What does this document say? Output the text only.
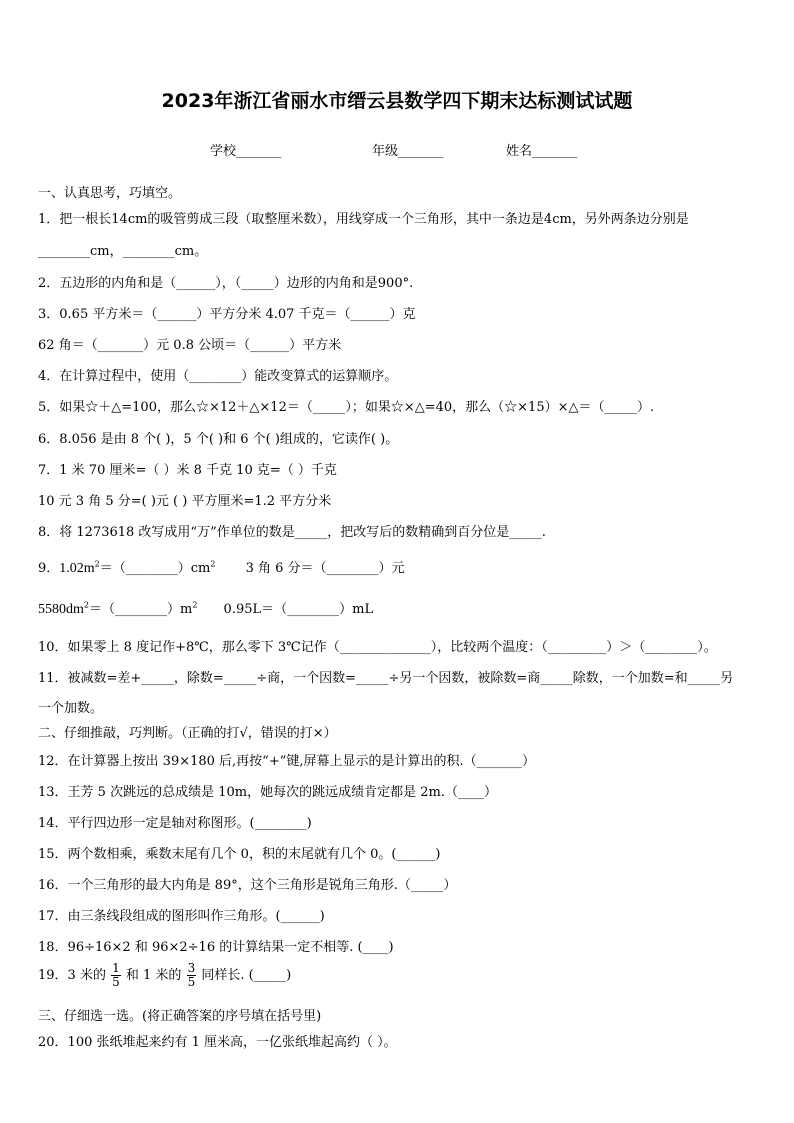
2023年浙江省丽水市缙云县数学四下期末达标测试试题
学校_______	年级_______	姓名_______
一、认真思考，巧填空。
1．把一根长14cm的吸管剪成三段（取整厘米数），用线穿成一个三角形，其中一条边是4cm，另外两条边分别是
________cm，________cm。
2．五边形的内角和是（______），（_____）边形的内角和是900°.
3．0.65 平方米＝（______）平方分米 4.07 千克＝（______）克
62 角＝（_______）元 0.8 公顷＝（______）平方米
4．在计算过程中，使用（________）能改变算式的运算顺序。
5．如果☆＋△=100，那么☆×12＋△×12＝（_____）；如果☆×△=40，那么（☆×15）×△＝（_____）.
6．8.056 是由 8 个( )，5 个( )和 6 个( )组成的，它读作( )。
7．1 米 70 厘米=（ ）米 8 千克 10 克=（ ）千克
10 元 3 角 5 分=( )元 ( ) 平方厘米=1.2 平方分米
8．将 1273618 改写成用“万”作单位的数是_____，把改写后的数精确到百分位是_____.
9．$1.02m^2=(\_\_\_\_\_\_\_\_)cm^2$ 3 角 6 分＝（________）元
$5580dm^2=(\_\_\_\_\_\_\_\_)m^2$ 0.95L＝（________）mL
10．如果零上 8 度记作+8℃，那么零下 3℃记作（______________），比较两个温度：（_________）＞（________）。
11．被减数=差+_____，除数=_____÷商，一个因数=_____÷另一个因数，被除数=商_____除数，一个加数=和_____另
一个加数。
二、仔细推敲，巧判断。（正确的打√，错误的打×）
12．在计算器上按出 39×180 后,再按“+”键,屏幕上显示的是计算出的积.（_______）
13．王芳 5 次跳远的总成绩是 10m，她每次的跳远成绩肯定都是 2m.（____）
14．平行四边形一定是轴对称图形。(________)
15．两个数相乘，乘数末尾有几个 0，积的末尾就有几个 0。(______)
16．一个三角形的最大内角是 89°，这个三角形是锐角三角形.（_____）
17．由三条线段组成的图形叫作三角形。(______)
18．96÷16×2 和 96×2÷16 的计算结果一定不相等. (____)
19．3 米的 $\frac{1}{5}$ 和 1 米的 $\frac{3}{5}$ 同样长. (_____)
三、仔细选一选。(将正确答案的序号填在括号里)
20．100 张纸堆起来约有 1 厘米高，一亿张纸堆起高约（ ）。
